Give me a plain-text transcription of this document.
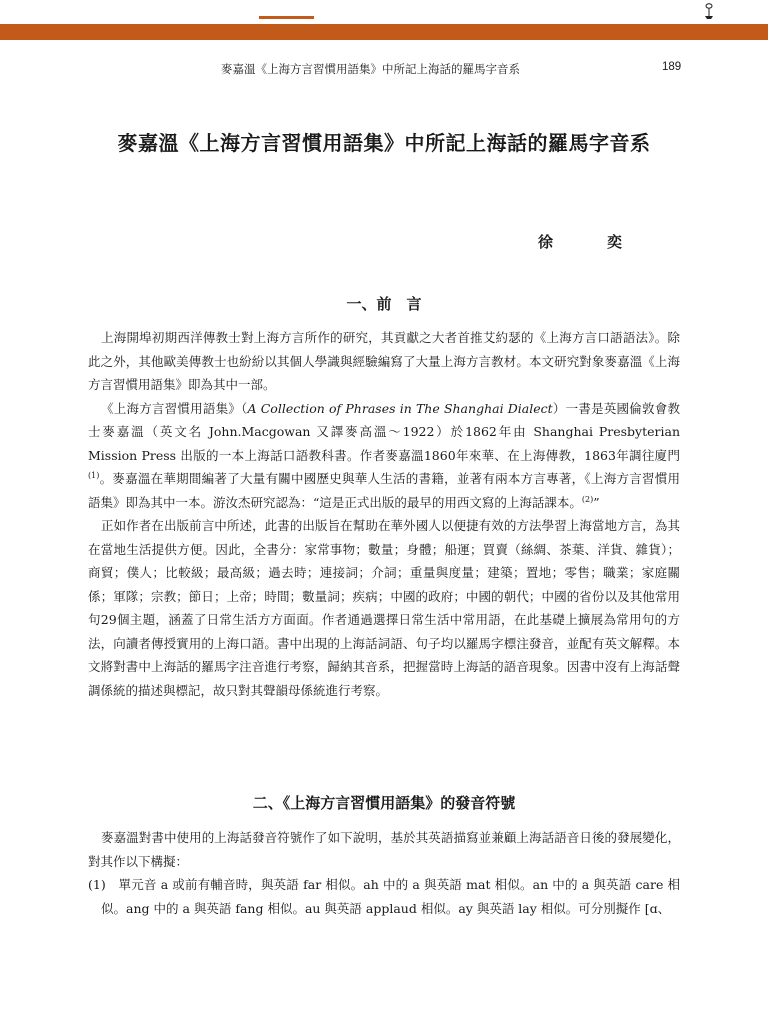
麥嘉溫《上海方言習慣用語集》中所記上海話的羅馬字音系	189
麥嘉溫《上海方言習慣用語集》中所記上海話的羅馬字音系
徐	奕
一、前　言

上海開埠初期西洋傳教士對上海方言所作的研究，其貢獻之大者首推艾約瑟的《上海方言口語語法》。除此之外，其他歐美傳教士也紛紛以其個人學識與經驗編寫了大量上海方言教材。本文研究對象麥嘉溫《上海方言習慣用語集》即為其中一部。

《上海方言習慣用語集》（A Collection of Phrases in The Shanghai Dialect）一書是英國倫敦會教士麥嘉溫（英文名 John.Macgowan 又譯麥高溫～1922）於1862年由 Shanghai Presbyterian Mission Press 出版的一本上海話口語教科書。作者麥嘉溫1860年來華、在上海傳教，1863年調往廈門$^{(1)}$。麥嘉溫在華期間編著了大量有關中國歷史與華人生活的書籍，並著有兩本方言專著，《上海方言習慣用語集》即為其中一本。游汝杰研究認為：“這是正式出版的最早的用西文寫的上海話課本。$^{(2)}$”

正如作者在出版前言中所述，此書的出版旨在幫助在華外國人以便捷有效的方法學習上海當地方言，為其在當地生活提供方便。因此，全書分：家常事物；數量；身體；船運；買賣（絲綢、茶葉、洋貨、雜貨）；商貿；僕人；比較級；最高級；過去時；連接詞；介詞；重量與度量；建築；置地；零售；職業；家庭關係；軍隊；宗教；節日；上帝；時間；數量詞；疾病；中國的政府；中國的朝代；中國的省份以及其他常用句29個主題，涵蓋了日常生活方方面面。作者通過選擇日常生活中常用語，在此基礎上擴展為常用句的方法，向讀者傳授實用的上海口語。書中出現的上海話詞語、句子均以羅馬字標注發音，並配有英文解釋。本文將對書中上海話的羅馬字注音進行考察，歸納其音系，把握當時上海話的語音現象。因書中沒有上海話聲調係統的描述與標記，故只對其聲韻母係統進行考察。

二、《上海方言習慣用語集》的發音符號

麥嘉溫對書中使用的上海話發音符號作了如下說明，基於其英語描寫並兼顧上海話語音日後的發展變化，對其作以下構擬：

(1)　單元音 a 或前有輔音時，與英語 far 相似。ah 中的 a 與英語 mat 相似。an 中的 a 與英語 care 相似。ang 中的 a 與英語 fang 相似。au 與英語 applaud 相似。ay 與英語 lay 相似。可分別擬作 [ɑ、
